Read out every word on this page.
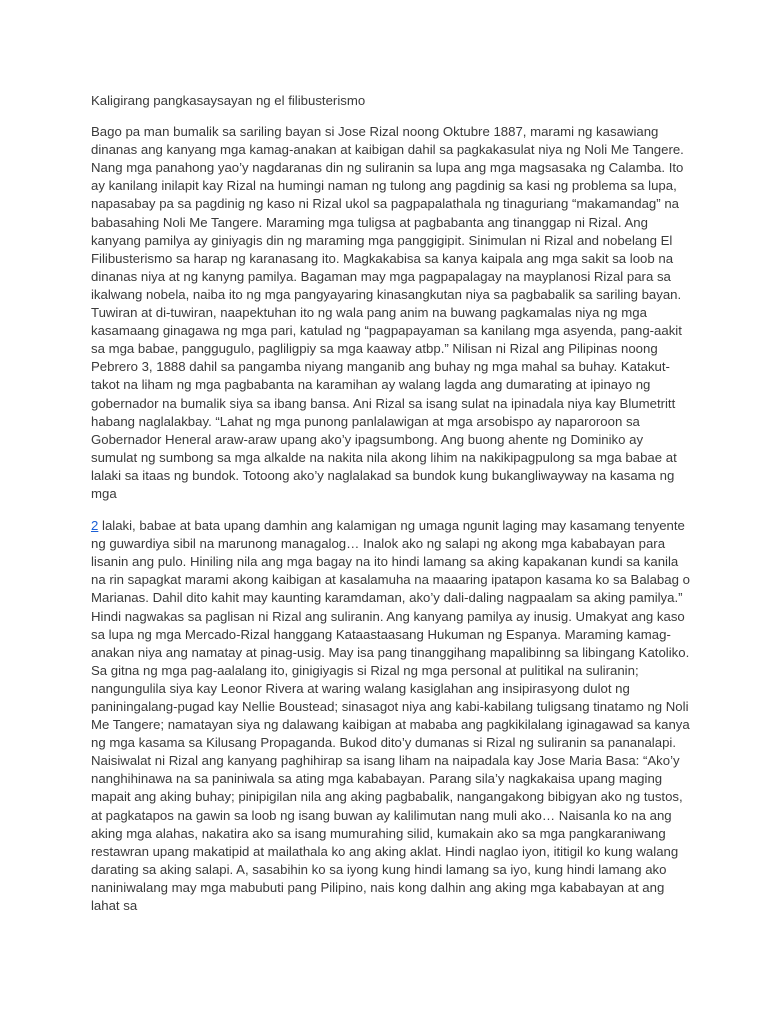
Kaligirang pangkasaysayan ng el filibusterismo

Bago pa man bumalik sa sariling bayan si Jose Rizal noong Oktubre 1887, marami ng kasawiang dinanas ang kanyang mga kamag-anakan at kaibigan dahil sa pagkakasulat niya ng Noli Me Tangere. Nang mga panahong yao’y nagdaranas din ng suliranin sa lupa ang mga magsasaka ng Calamba. Ito ay kanilang inilapit kay Rizal na humingi naman ng tulong ang pagdinig sa kasi ng problema sa lupa, napasabay pa sa pagdinig ng kaso ni Rizal ukol sa pagpapalathala ng tinaguriang “makamandag” na babasahing Noli Me Tangere. Maraming mga tuligsa at pagbabanta ang tinanggap ni Rizal. Ang kanyang pamilya ay giniyagis din ng maraming mga panggigipit. Sinimulan ni Rizal and nobelang El Filibusterismo sa harap ng karanasang ito. Magkakabisa sa kanya kaipala ang mga sakit sa loob na dinanas niya at ng kanyng pamilya. Bagaman may mga pagpapalagay na mayplanosi Rizal para sa ikalwang nobela, naiba ito ng mga pangyayaring kinasangkutan niya sa pagbabalik sa sariling bayan. Tuwiran at di-tuwiran, naapektuhan ito ng wala pang anim na buwang pagkamalas niya ng mga kasamaang ginagawa ng mga pari, katulad ng “pagpapayaman sa kanilang mga asyenda, pang-aakit sa mga babae, panggugulo, pagliligpiy sa mga kaaway atbp.” Nilisan ni Rizal ang Pilipinas noong Pebrero 3, 1888 dahil sa pangamba niyang manganib ang buhay ng mga mahal sa buhay. Katakut-takot na liham ng mga pagbabanta na karamihan ay walang lagda ang dumarating at ipinayo ng gobernador na bumalik siya sa ibang bansa. Ani Rizal sa isang sulat na ipinadala niya kay Blumetritt habang naglalakbay. “Lahat ng mga punong panlalawigan at mga arsobispo ay naparoroon sa Gobernador Heneral araw-araw upang ako’y ipagsumbong. Ang buong ahente ng Dominiko ay sumulat ng sumbong sa mga alkalde na nakita nila akong lihim na nakikipagpulong sa mga babae at lalaki sa itaas ng bundok. Totoong ako’y naglalakad sa bundok kung bukangliwayway na kasama ng mga

2 lalaki, babae at bata upang damhin ang kalamigan ng umaga ngunit laging may kasamang tenyente ng guwardiya sibil na marunong managalog… Inalok ako ng salapi ng akong mga kababayan para lisanin ang pulo. Hiniling nila ang mga bagay na ito hindi lamang sa aking kapakanan kundi sa kanila na rin sapagkat marami akong kaibigan at kasalamuha na maaaring ipatapon kasama ko sa Balabag o Marianas. Dahil dito kahit may kaunting karamdaman, ako’y dali-daling nagpaalam sa aking pamilya.” Hindi nagwakas sa paglisan ni Rizal ang suliranin. Ang kanyang pamilya ay inusig. Umakyat ang kaso sa lupa ng mga Mercado-Rizal hanggang Kataastaasang Hukuman ng Espanya. Maraming kamag-anakan niya ang namatay at pinag-usig. May isa pang tinanggihang mapalibinng sa libingang Katoliko. Sa gitna ng mga pag-aalalang ito, ginigiyagis si Rizal ng mga personal at pulitikal na suliranin; nangungulila siya kay Leonor Rivera at waring walang kasiglahan ang insipirasyong dulot ng paniningalang-pugad kay Nellie Boustead; sinasagot niya ang kabi-kabilang tuligsang tinatamo ng Noli Me Tangere; namatayan siya ng dalawang kaibigan at mababa ang pagkikilalang iginagawad sa kanya ng mga kasama sa Kilusang Propaganda. Bukod dito’y dumanas si Rizal ng suliranin sa pananalapi. Naisiwalat ni Rizal ang kanyang paghihirap sa isang liham na naipadala kay Jose Maria Basa: “Ako’y nanghihinawa na sa paniniwala sa ating mga kababayan. Parang sila’y nagkakaisa upang maging mapait ang aking buhay; pinipigilan nila ang aking pagbabalik, nangangakong bibigyan ako ng tustos, at pagkatapos na gawin sa loob ng isang buwan ay kalilimutan nang muli ako… Naisanla ko na ang aking mga alahas, nakatira ako sa isang mumurahing silid, kumakain ako sa mga pangkaraniwang restawran upang makatipid at mailathala ko ang aking aklat. Hindi naglao iyon, ititigil ko kung walang darating sa aking salapi. A, sasabihin ko sa iyong kung hindi lamang sa iyo, kung hindi lamang ako naniniwalang may mga mabubuti pang Pilipino, nais kong dalhin ang aking mga kababayan at ang lahat sa
